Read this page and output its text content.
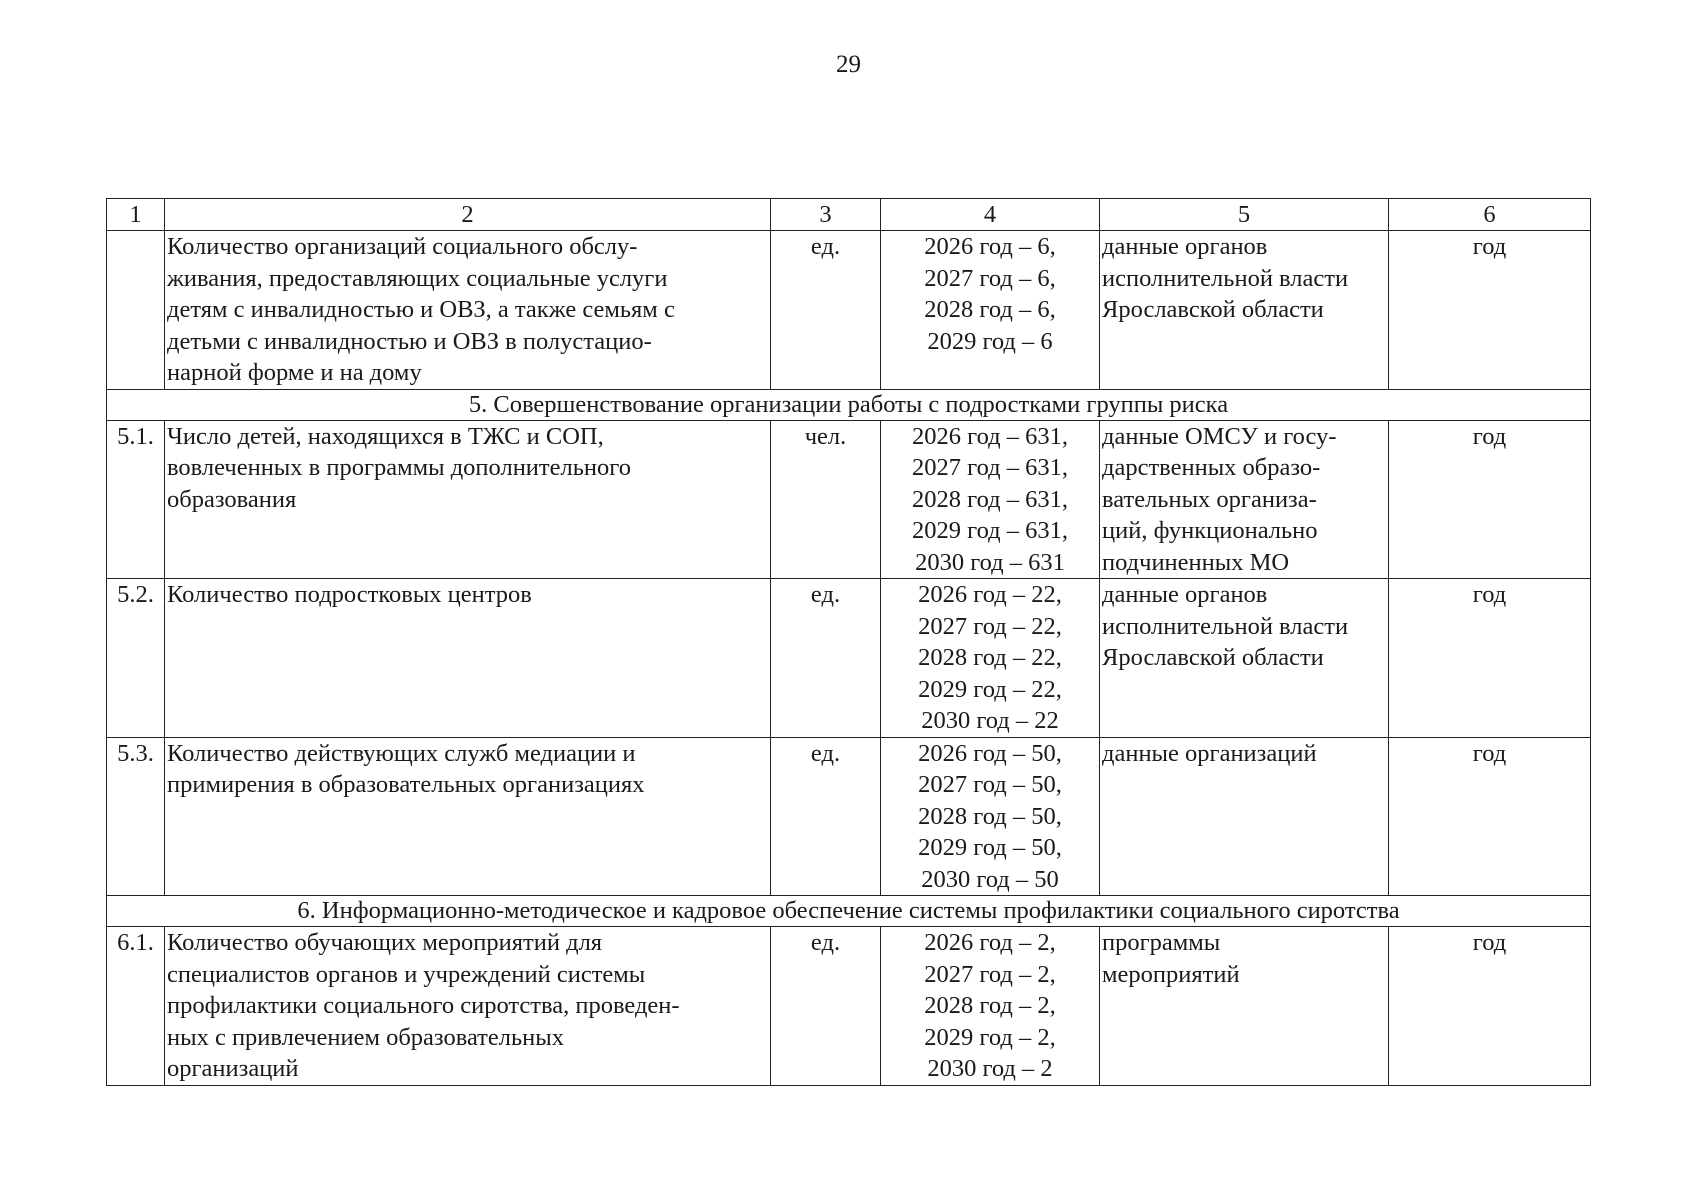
29
1	2	3	4	5	6

	Количество организаций социального обслу-
живания, предоставляющих социальные услуги
детям с инвалидностью и ОВЗ, а также семьям с
детьми с инвалидностью и ОВЗ в полустацио-
нарной форме и на дому	ед.	2026 год – 6,
2027 год – 6,
2028 год – 6,
2029 год – 6	данные органов
исполнительной власти
Ярославской области	год
5. Совершенствование организации работы с подростками группы риска					
5.1.	Число детей, находящихся в ТЖС и СОП,
вовлеченных в программы дополнительного
образования	чел.	2026 год – 631,
2027 год – 631,
2028 год – 631,
2029 год – 631,
2030 год – 631	данные ОМСУ и госу-
дарственных образо-
вательных организа-
ций, функционально
подчиненных МО	год
5.2.	Количество подростковых центров	ед.	2026 год – 22,
2027 год – 22,
2028 год – 22,
2029 год – 22,
2030 год – 22	данные органов
исполнительной власти
Ярославской области	год
5.3.	Количество действующих служб медиации и
примирения в образовательных организациях	ед.	2026 год – 50,
2027 год – 50,
2028 год – 50,
2029 год – 50,
2030 год – 50	данные организаций	год
6. Информационно-методическое и кадровое обеспечение системы профилактики социального сиротства					
6.1.	Количество обучающих мероприятий для
специалистов органов и учреждений системы
профилактики социального сиротства, проведен-
ных с привлечением образовательных
организаций	ед.	2026 год – 2,
2027 год – 2,
2028 год – 2,
2029 год – 2,
2030 год – 2	программы
мероприятий	год
